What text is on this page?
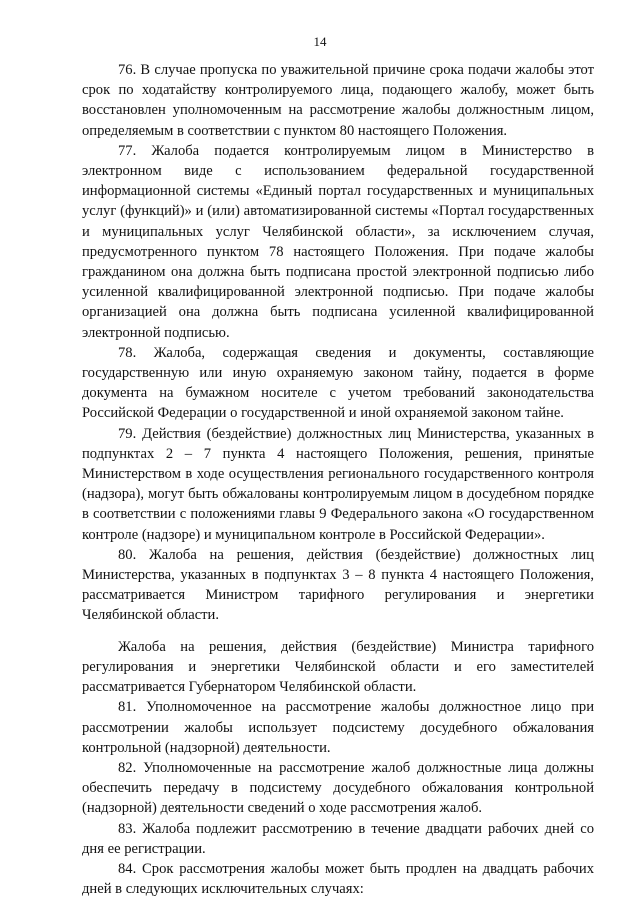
14

76. В случае пропуска по уважительной причине срока подачи жалобы этот срок по ходатайству контролируемого лица, подающего жалобу, может быть восстановлен уполномоченным на рассмотрение жалобы должностным лицом, определяемым в соответствии с пунктом 80 настоящего Положения.

77. Жалоба подается контролируемым лицом в Министерство в электронном виде с использованием федеральной государственной информационной системы «Единый портал государственных и муниципальных услуг (функций)» и (или) автоматизированной системы «Портал государственных и муниципальных услуг Челябинской области», за исключением случая, предусмотренного пунктом 78 настоящего Положения. При подаче жалобы гражданином она должна быть подписана простой электронной подписью либо усиленной квалифицированной электронной подписью. При подаче жалобы организацией она должна быть подписана усиленной квалифицированной электронной подписью.

78. Жалоба, содержащая сведения и документы, составляющие государственную или иную охраняемую законом тайну, подается в форме документа на бумажном носителе с учетом требований законодательства Российской Федерации о государственной и иной охраняемой законом тайне.

79. Действия (бездействие) должностных лиц Министерства, указанных в подпунктах 2 – 7 пункта 4 настоящего Положения, решения, принятые Министерством в ходе осуществления регионального государственного контроля (надзора), могут быть обжалованы контролируемым лицом в досудебном порядке в соответствии с положениями главы 9 Федерального закона «О государственном контроле (надзоре) и муниципальном контроле в Российской Федерации».

80. Жалоба на решения, действия (бездействие) должностных лиц Министерства, указанных в подпунктах 3 – 8 пункта 4 настоящего Положения, рассматривается Министром тарифного регулирования и энергетики Челябинской области.

Жалоба на решения, действия (бездействие) Министра тарифного регулирования и энергетики Челябинской области и его заместителей рассматривается Губернатором Челябинской области.

81. Уполномоченное на рассмотрение жалобы должностное лицо при рассмотрении жалобы использует подсистему досудебного обжалования контрольной (надзорной) деятельности.

82. Уполномоченные на рассмотрение жалоб должностные лица должны обеспечить передачу в подсистему досудебного обжалования контрольной (надзорной) деятельности сведений о ходе рассмотрения жалоб.

83. Жалоба подлежит рассмотрению в течение двадцати рабочих дней со дня ее регистрации.

84. Срок рассмотрения жалобы может быть продлен на двадцать рабочих дней в следующих исключительных случаях:
